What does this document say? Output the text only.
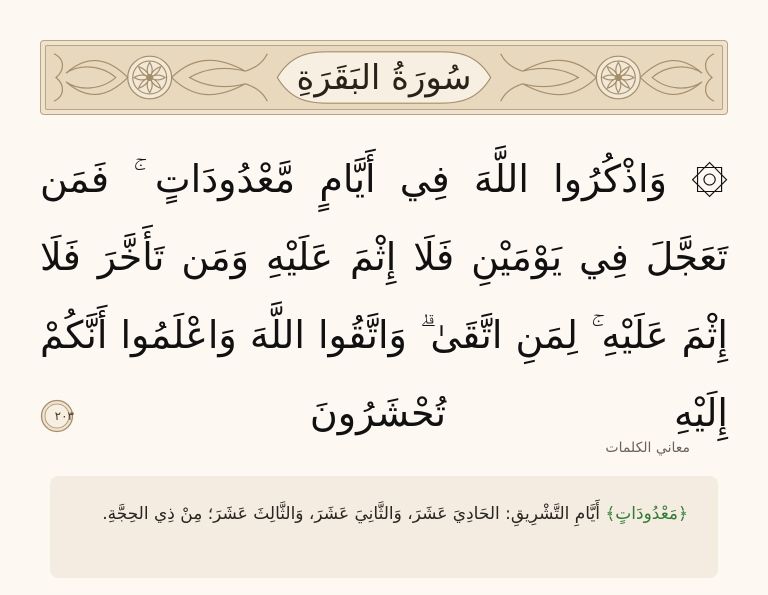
سُورَةُ البَقَرَةِ
۞ وَاذْكُرُوا اللَّهَ فِي أَيَّامٍ مَّعْدُودَاتٍ ۚ فَمَن تَعَجَّلَ فِي يَوْمَيْنِ فَلَا إِثْمَ عَلَيْهِ وَمَن تَأَخَّرَ فَلَا إِثْمَ عَلَيْهِ ۚ لِمَنِ اتَّقَىٰ ۗ وَاتَّقُوا اللَّهَ وَاعْلَمُوا أَنَّكُمْ إِلَيْهِ تُحْشَرُونَ
٢٠٣
معاني الكلمات
﴿مَعْدُودَاتٍ﴾ أَيَّامِ التَّشْرِيقِ: الحَادِيَ عَشَرَ، وَالثَّانِيَ عَشَرَ، وَالثَّالِثَ عَشَرَ؛ مِنْ ذِي الحِجَّةِ.
